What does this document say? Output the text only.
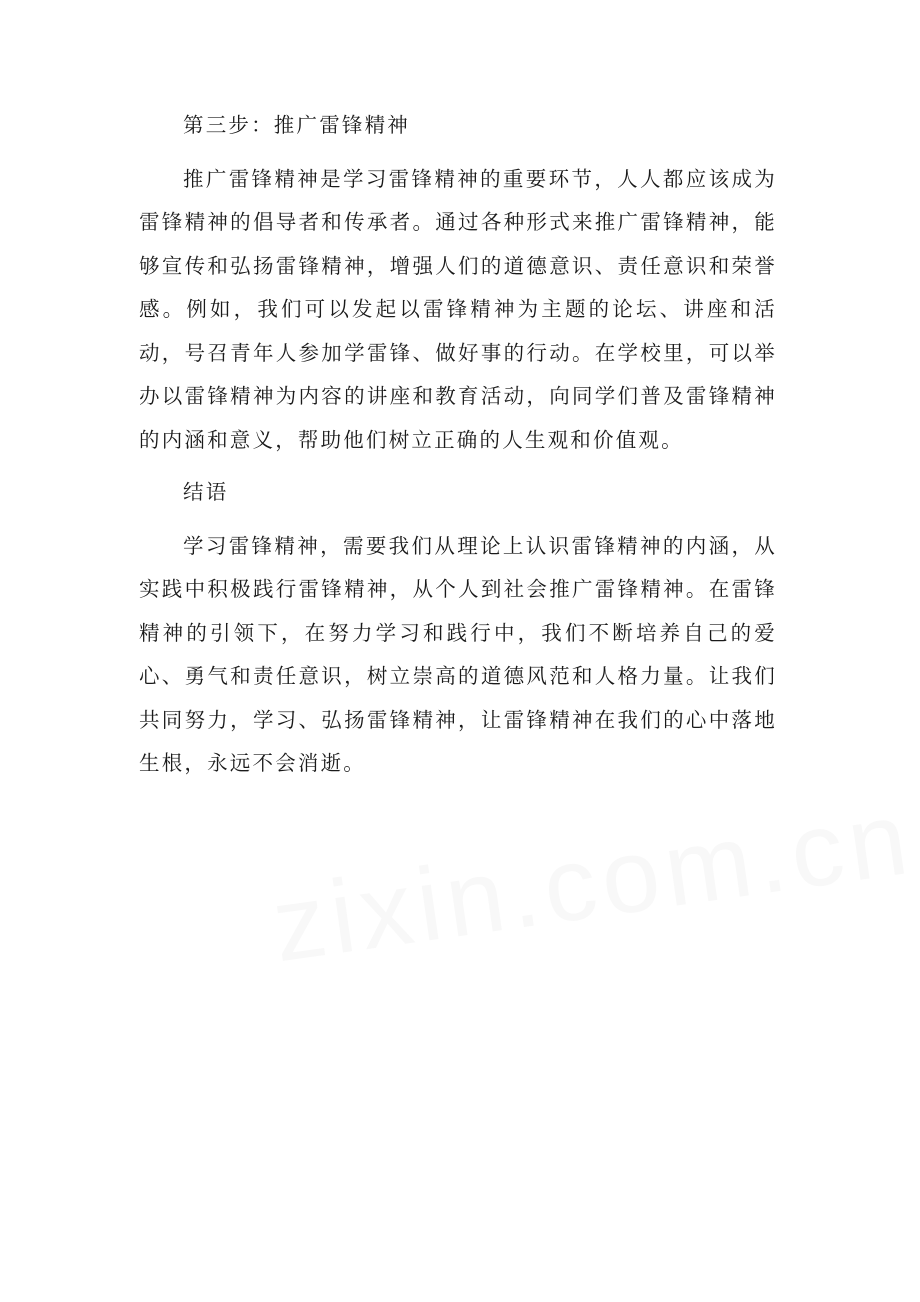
第三步：推广雷锋精神

推广雷锋精神是学习雷锋精神的重要环节，人人都应该成为雷锋精神的倡导者和传承者。通过各种形式来推广雷锋精神，能够宣传和弘扬雷锋精神，增强人们的道德意识、责任意识和荣誉感。例如，我们可以发起以雷锋精神为主题的论坛、讲座和活动，号召青年人参加学雷锋、做好事的行动。在学校里，可以举办以雷锋精神为内容的讲座和教育活动，向同学们普及雷锋精神的内涵和意义，帮助他们树立正确的人生观和价值观。

结语

学习雷锋精神，需要我们从理论上认识雷锋精神的内涵，从实践中积极践行雷锋精神，从个人到社会推广雷锋精神。在雷锋精神的引领下，在努力学习和践行中，我们不断培养自己的爱心、勇气和责任意识，树立崇高的道德风范和人格力量。让我们共同努力，学习、弘扬雷锋精神，让雷锋精神在我们的心中落地生根，永远不会消逝。

zixin.com.cn
